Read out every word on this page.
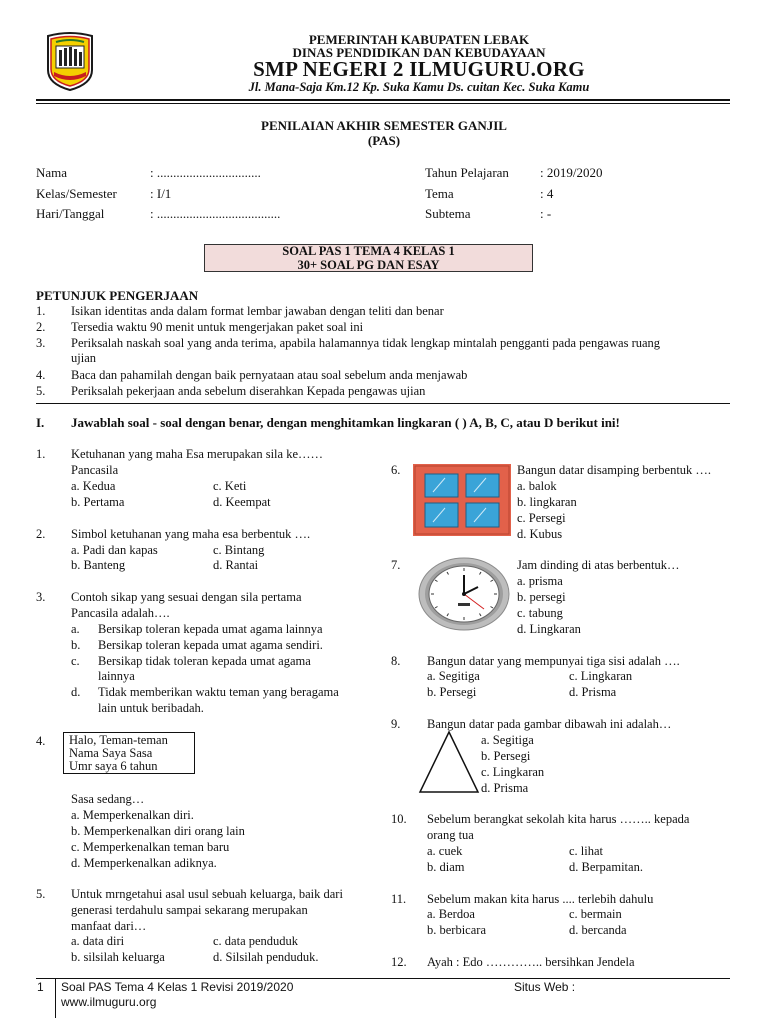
PEMERINTAH KABUPATEN LEBAK
DINAS PENDIDIKAN DAN KEBUDAYAAN
SMP NEGERI 2 ILMUGURU.ORG
Jl. Mana-Saja Km.12 Kp. Suka Kamu Ds. cuitan Kec. Suka Kamu
PENILAIAN AKHIR SEMESTER GANJIL
(PAS)
Nama	: ................................
Kelas/Semester	: I/1
Hari/Tanggal	: ......................................
Tahun Pelajaran : 2019/2020
Tema	: 4
Subtema	: -
SOAL PAS 1 TEMA 4 KELAS 1
30+ SOAL PG DAN ESAY
PETUNJUK PENGERJAAN
1. Isikan identitas anda dalam format lembar jawaban dengan teliti dan benar
2. Tersedia waktu 90 menit untuk mengerjakan paket soal ini
3. Periksalah naskah soal yang anda terima, apabila halamannya tidak lengkap mintalah pengganti pada pengawas ruang
ujian
4. Baca dan pahamilah dengan baik pernyataan atau soal sebelum anda menjawab
5. Periksalah pekerjaan anda sebelum diserahkan Kepada pengawas ujian
I. Jawablah soal - soal dengan benar, dengan menghitamkan lingkaran ( ) A, B, C, atau D berikut ini!
1. Ketuhanan yang maha Esa merupakan sila ke……
Pancasila
a. Kedua	c. Keti
b. Pertama	d. Keempat
2. Simbol ketuhanan yang maha esa berbentuk ….
a. Padi dan kapas	c. Bintang
b. Banteng	d. Rantai
3. Contoh sikap yang sesuai dengan sila pertama
Pancasila adalah….
a. Bersikap toleran kepada umat agama lainnya
b. Bersikap toleran kepada umat agama sendiri.
c. Bersikap tidak toleran kepada umat agama
lainnya
d. Tidak memberikan waktu teman yang beragama
lain untuk beribadah.
4. Halo, Teman-teman
Nama Saya Sasa
Umr saya 6 tahun
Sasa sedang…
a. Memperkenalkan diri.
b. Memperkenalkan diri orang lain
c. Memperkenalkan teman baru
d. Memperkenalkan adiknya.
5. Untuk mrngetahui asal usul sebuah keluarga, baik dari
generasi terdahulu sampai sekarang merupakan
manfaat dari…
a. data diri	c. data penduduk
b. silsilah keluarga	d. Silsilah penduduk.
6.	Bangun datar disamping berbentuk ….
a. balok
b. lingkaran
c. Persegi
d. Kubus
7.	Jam dinding di atas berbentuk…
a. prisma
b. persegi
c. tabung
d. Lingkaran
8. Bangun datar yang mempunyai tiga sisi adalah ….
a. Segitiga	c. Lingkaran
b. Persegi	d. Prisma
9. Bangun datar pada gambar dibawah ini adalah…
a. Segitiga
b. Persegi
c. Lingkaran
d. Prisma
10. Sebelum berangkat sekolah kita harus …….. kepada
orang tua
a. cuek	c. lihat
b. diam	d. Berpamitan.
11. Sebelum makan kita harus .... terlebih dahulu
a. Berdoa	c. bermain
b. berbicara	d. bercanda
12. Ayah : Edo ………….. bersihkan Jendela
1 Soal PAS Tema 4 Kelas 1 Revisi 2019/2020
www.ilmuguru.org
Situs Web :
